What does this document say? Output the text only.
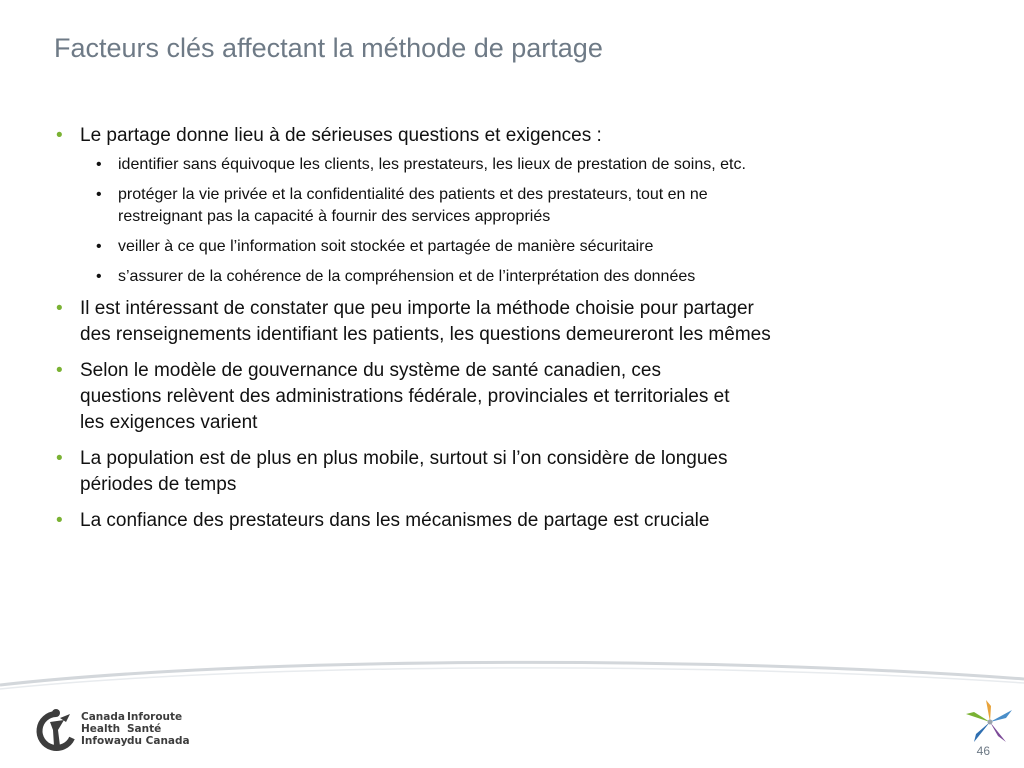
Facteurs clés affectant la méthode de partage
• Le partage donne lieu à de sérieuses questions et exigences :
• identifier sans équivoque les clients, les prestateurs, les lieux de prestation de soins, etc.
• protéger la vie privée et la confidentialité des patients et des prestateurs, tout en ne
restreignant pas la capacité à fournir des services appropriés
• veiller à ce que l’information soit stockée et partagée de manière sécuritaire
• s’assurer de la cohérence de la compréhension et de l’interprétation des données
• Il est intéressant de constater que peu importe la méthode choisie pour partager
des renseignements identifiant les patients, les questions demeureront les mêmes
• Selon le modèle de gouvernance du système de santé canadien, ces
questions relèvent des administrations fédérale, provinciales et territoriales et
les exigences varient
• La population est de plus en plus mobile, surtout si l’on considère de longues
périodes de temps
• La confiance des prestateurs dans les mécanismes de partage est cruciale
Canada
Health
Infoway
Inforoute
Santé
du Canada
46
